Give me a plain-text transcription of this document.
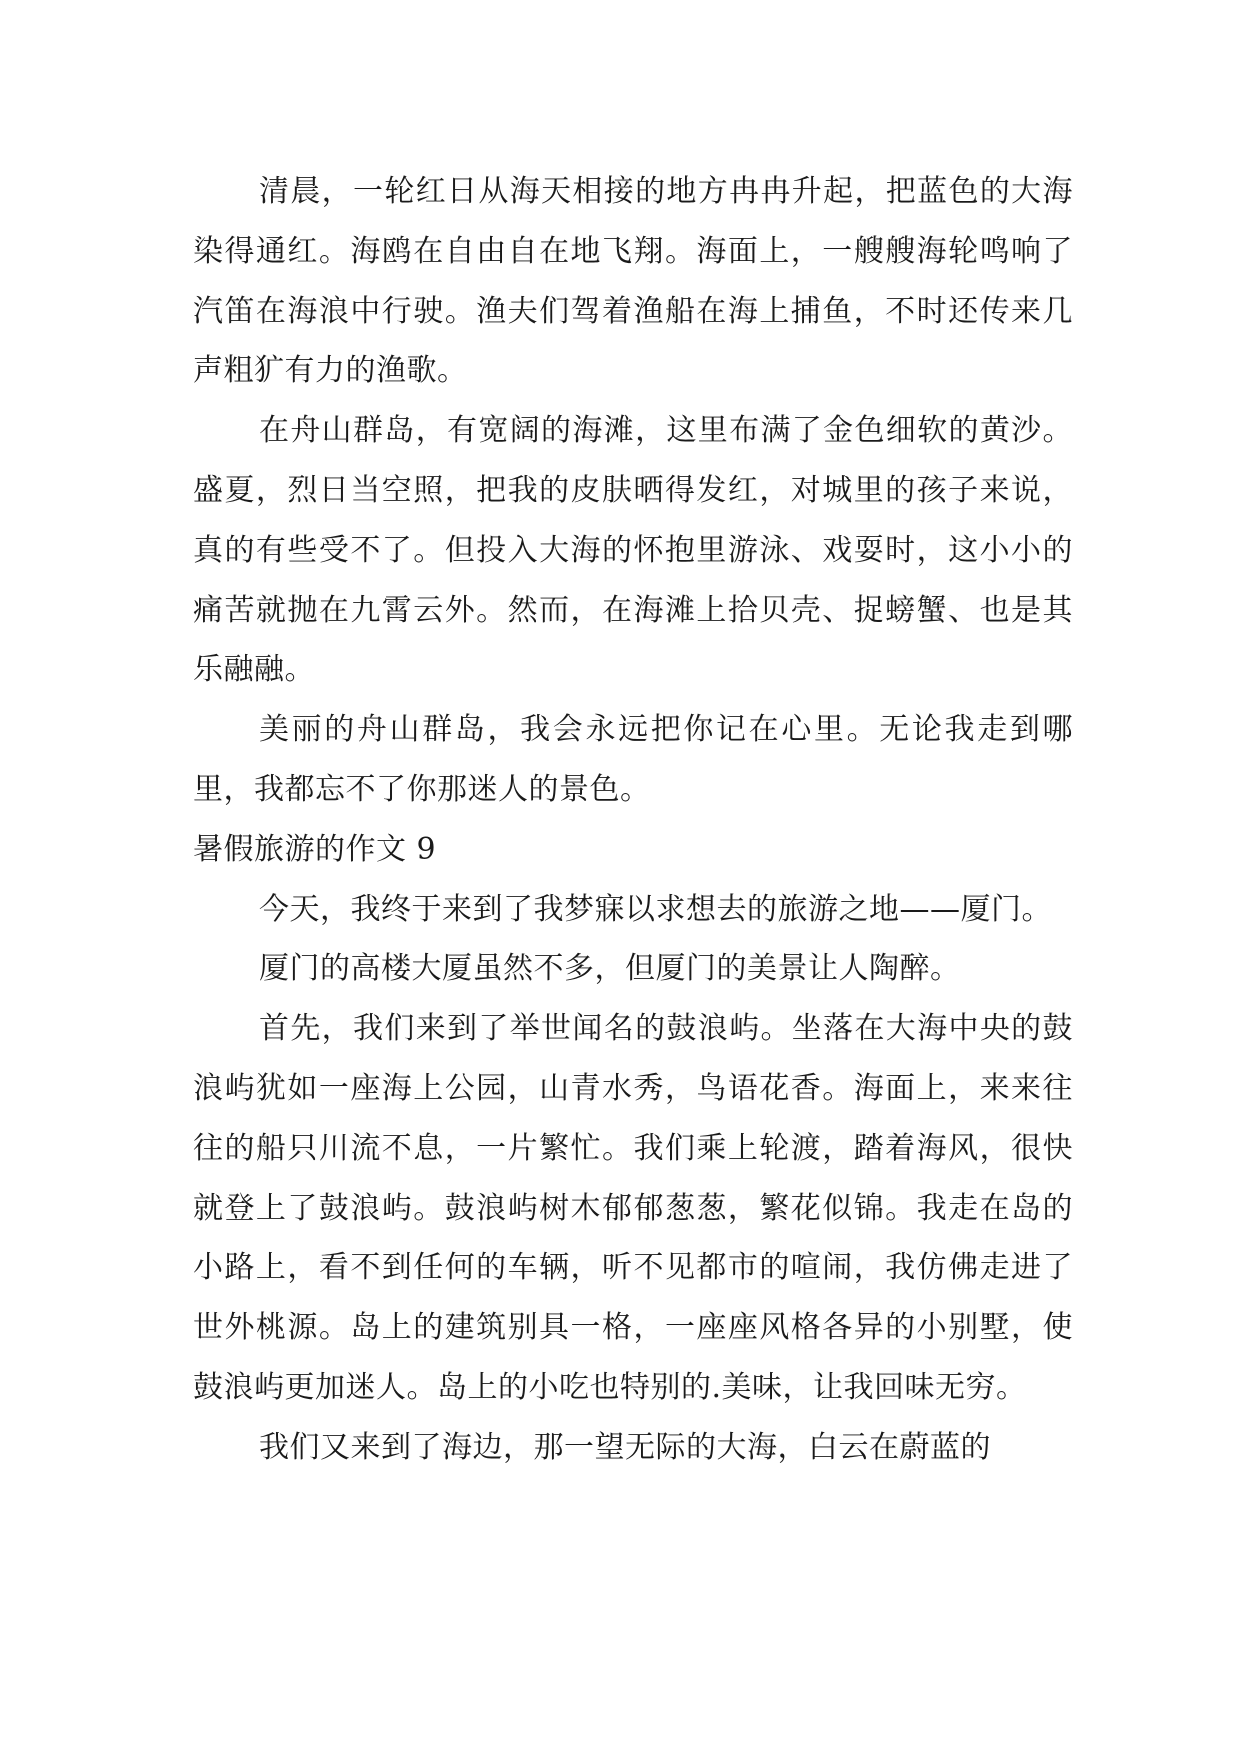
清晨，一轮红日从海天相接的地方冉冉升起，把蓝色的大海染得通红。海鸥在自由自在地飞翔。海面上，一艘艘海轮鸣响了汽笛在海浪中行驶。渔夫们驾着渔船在海上捕鱼，不时还传来几声粗犷有力的渔歌。

在舟山群岛，有宽阔的海滩，这里布满了金色细软的黄沙。盛夏，烈日当空照，把我的皮肤晒得发红，对城里的孩子来说，真的有些受不了。但投入大海的怀抱里游泳、戏耍时，这小小的痛苦就抛在九霄云外。然而，在海滩上拾贝壳、捉螃蟹、也是其乐融融。

美丽的舟山群岛，我会永远把你记在心里。无论我走到哪里，我都忘不了你那迷人的景色。

暑假旅游的作文 9

今天，我终于来到了我梦寐以求想去的旅游之地——厦门。

厦门的高楼大厦虽然不多，但厦门的美景让人陶醉。

首先，我们来到了举世闻名的鼓浪屿。坐落在大海中央的鼓浪屿犹如一座海上公园，山青水秀，鸟语花香。海面上，来来往往的船只川流不息，一片繁忙。我们乘上轮渡，踏着海风，很快就登上了鼓浪屿。鼓浪屿树木郁郁葱葱，繁花似锦。我走在岛的小路上，看不到任何的车辆，听不见都市的喧闹，我仿佛走进了世外桃源。岛上的建筑别具一格，一座座风格各异的小别墅，使鼓浪屿更加迷人。岛上的小吃也特别的.美味，让我回味无穷。

我们又来到了海边，那一望无际的大海，白云在蔚蓝的
